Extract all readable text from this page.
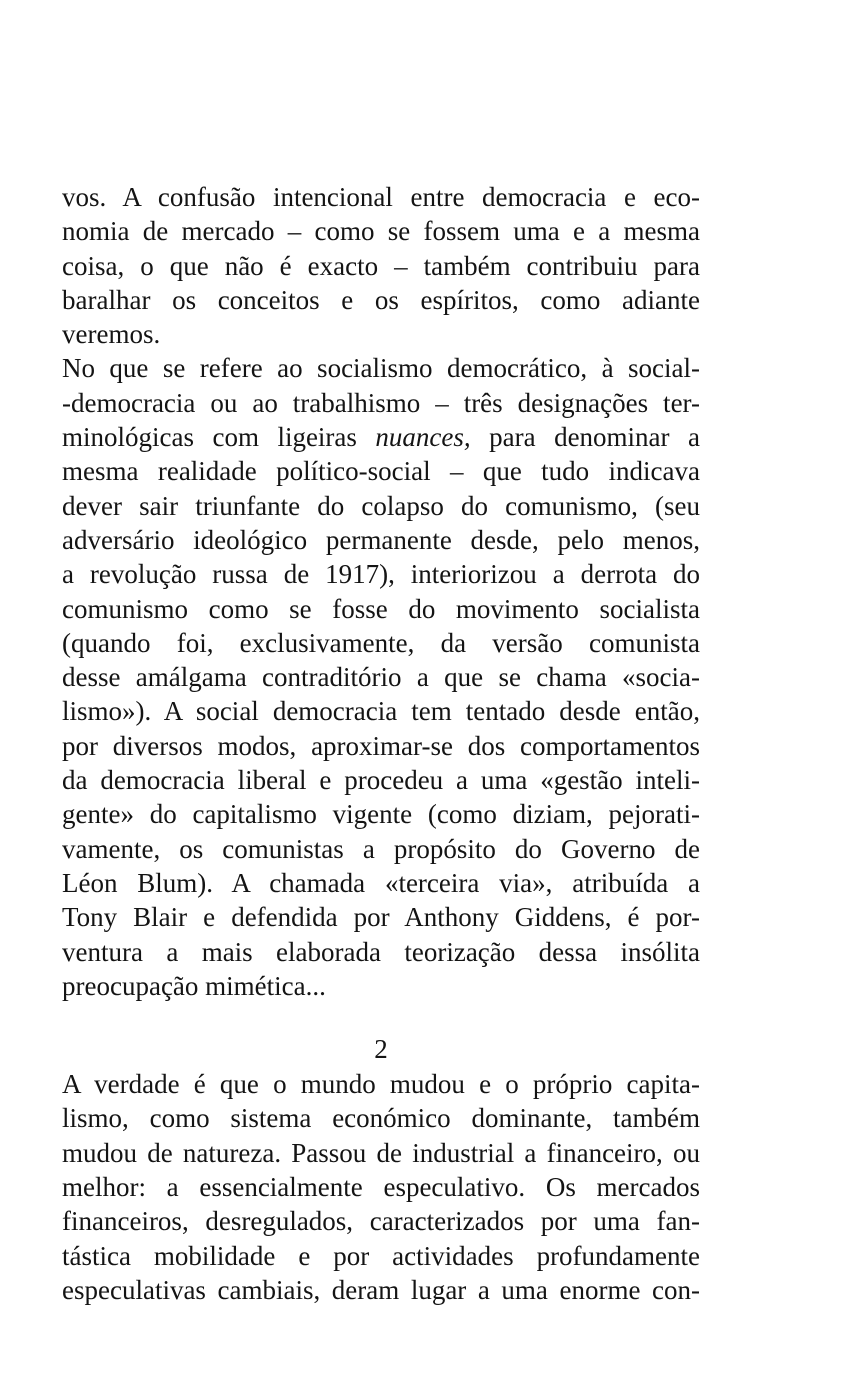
vos. A confusão intencional entre democracia e eco-
nomia de mercado – como se fossem uma e a mesma
coisa, o que não é exacto – também contribuiu para
baralhar os conceitos e os espíritos, como adiante
veremos.
No que se refere ao socialismo democrático, à social-
-democracia ou ao trabalhismo – três designações ter-
minológicas com ligeiras nuances, para denominar a
mesma realidade político-social – que tudo indicava
dever sair triunfante do colapso do comunismo, (seu
adversário ideológico permanente desde, pelo menos,
a revolução russa de 1917), interiorizou a derrota do
comunismo como se fosse do movimento socialista
(quando foi, exclusivamente, da versão comunista
desse amálgama contraditório a que se chama «socia-
lismo»). A social democracia tem tentado desde então,
por diversos modos, aproximar-se dos comportamentos
da democracia liberal e procedeu a uma «gestão inteli-
gente» do capitalismo vigente (como diziam, pejorati-
vamente, os comunistas a propósito do Governo de
Léon Blum). A chamada «terceira via», atribuída a
Tony Blair e defendida por Anthony Giddens, é por-
ventura a mais elaborada teorização dessa insólita
preocupação mimética...
2
A verdade é que o mundo mudou e o próprio capita-
lismo, como sistema económico dominante, também
mudou de natureza. Passou de industrial a financeiro, ou
melhor: a essencialmente especulativo. Os mercados
financeiros, desregulados, caracterizados por uma fan-
tástica mobilidade e por actividades profundamente
especulativas cambiais, deram lugar a uma enorme con-
